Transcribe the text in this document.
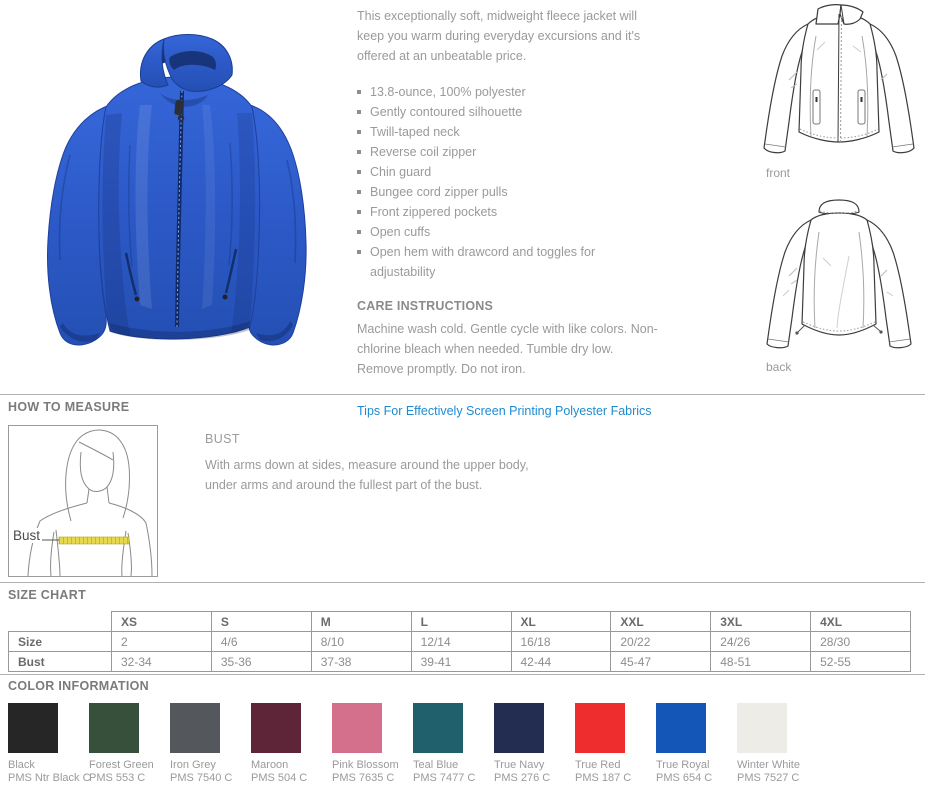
This exceptionally soft, midweight fleece jacket will keep you warm during everyday excursions and it's offered at an unbeatable price.

13.8-ounce, 100% polyester
Gently contoured silhouette
Twill-taped neck
Reverse coil zipper
Chin guard
Bungee cord zipper pulls
Front zippered pockets
Open cuffs
Open hem with drawcord and toggles for adjustability
CARE INSTRUCTIONS

Machine wash cold. Gentle cycle with like colors. Non-chlorine bleach when needed. Tumble dry low. Remove promptly. Do not iron.

Tips For Effectively Screen Printing Polyester Fabrics
front
back
HOW TO MEASURE
Bust
BUST

With arms down at sides, measure around the upper body, under arms and around the fullest part of the bust.

SIZE CHART
	XS	S	M	L	XL	XXL	3XL	4XL
Size	2	4/6	8/10	12/14	16/18	20/22	24/26	28/30
Bust	32-34	35-36	37-38	39-41	42-44	45-47	48-51	52-55
COLOR INFORMATION
Black
PMS Ntr Black C
Forest Green
PMS 553 C
Iron Grey
PMS 7540 C
Maroon
PMS 504 C
Pink Blossom
PMS 7635 C
Teal Blue
PMS 7477 C
True Navy
PMS 276 C
True Red
PMS 187 C
True Royal
PMS 654 C
Winter White
PMS 7527 C
